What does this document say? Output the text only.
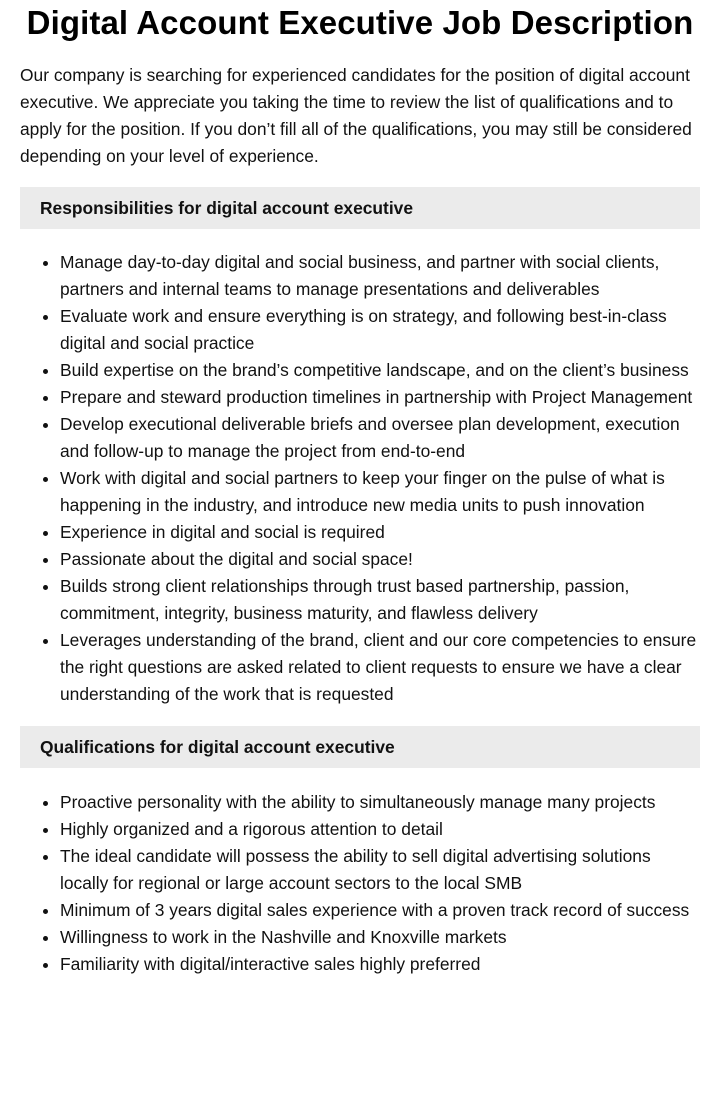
Digital Account Executive Job Description

Our company is searching for experienced candidates for the position of digital account executive. We appreciate you taking the time to review the list of qualifications and to apply for the position. If you don’t fill all of the qualifications, you may still be considered depending on your level of experience.

Responsibilities for digital account executive
• Manage day-to-day digital and social business, and partner with social clients, partners and internal teams to manage presentations and deliverables
• Evaluate work and ensure everything is on strategy, and following best-in-class digital and social practice
• Build expertise on the brand’s competitive landscape, and on the client’s business
• Prepare and steward production timelines in partnership with Project Management
• Develop executional deliverable briefs and oversee plan development, execution and follow-up to manage the project from end-to-end
• Work with digital and social partners to keep your finger on the pulse of what is happening in the industry, and introduce new media units to push innovation
• Experience in digital and social is required
• Passionate about the digital and social space!
• Builds strong client relationships through trust based partnership, passion, commitment, integrity, business maturity, and flawless delivery
• Leverages understanding of the brand, client and our core competencies to ensure the right questions are asked related to client requests to ensure we have a clear understanding of the work that is requested
Qualifications for digital account executive
• Proactive personality with the ability to simultaneously manage many projects
• Highly organized and a rigorous attention to detail
• The ideal candidate will possess the ability to sell digital advertising solutions locally for regional or large account sectors to the local SMB
• Minimum of 3 years digital sales experience with a proven track record of success
• Willingness to work in the Nashville and Knoxville markets
• Familiarity with digital/interactive sales highly preferred
